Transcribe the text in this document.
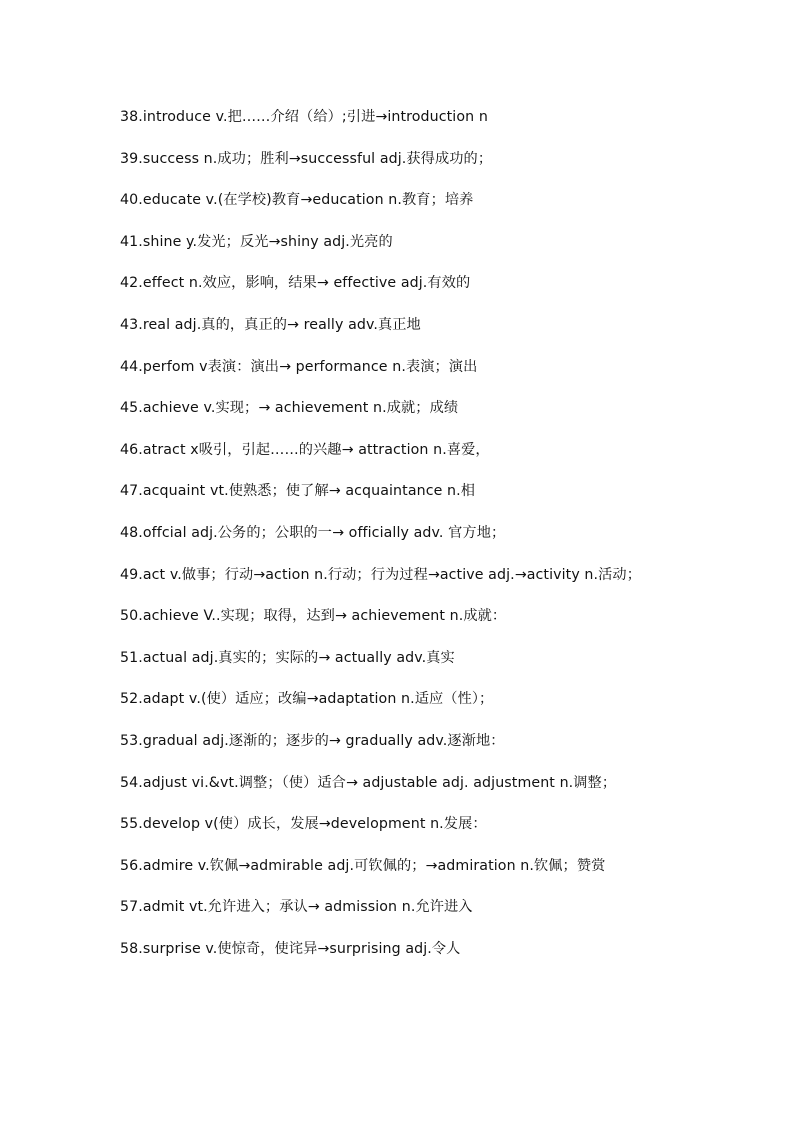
38.introduce v.把……介绍（给）;引进→introduction n
39.success n.成功；胜利→successful adj.获得成功的；
40.educate v.(在学校)教育→education n.教育；培养
41.shine y.发光；反光→shiny adj.光亮的
42.effect n.效应，影响，结果→ effective adj.有效的
43.real adj.真的，真正的→ really adv.真正地
44.perfom v表演：演出→ performance n.表演；演出
45.achieve v.实现；→ achievement n.成就；成绩
46.atract x吸引，引起……的兴趣→ attraction n.喜爱，
47.acquaint vt.使熟悉；使了解→ acquaintance n.相
48.offcial adj.公务的；公职的一→ officially adv. 官方地；
49.act v.做事；行动→action n.行动；行为过程→active adj.→activity n.活动；
50.achieve V..实现；取得，达到→ achievement n.成就：
51.actual adj.真实的；实际的→ actually adv.真实
52.adapt v.(使）适应；改编→adaptation n.适应（性）；
53.gradual adj.逐渐的；逐步的→ gradually adv.逐渐地：
54.adjust vi.&vt.调整；（使）适合→ adjustable adj. adjustment n.调整；
55.develop v(使）成长，发展→development n.发展：
56.admire v.钦佩→admirable adj.可钦佩的；→admiration n.钦佩；赞赏
57.admit vt.允许进入；承认→ admission n.允许进入
58.surprise v.使惊奇，使诧异→surprising adj.令人
